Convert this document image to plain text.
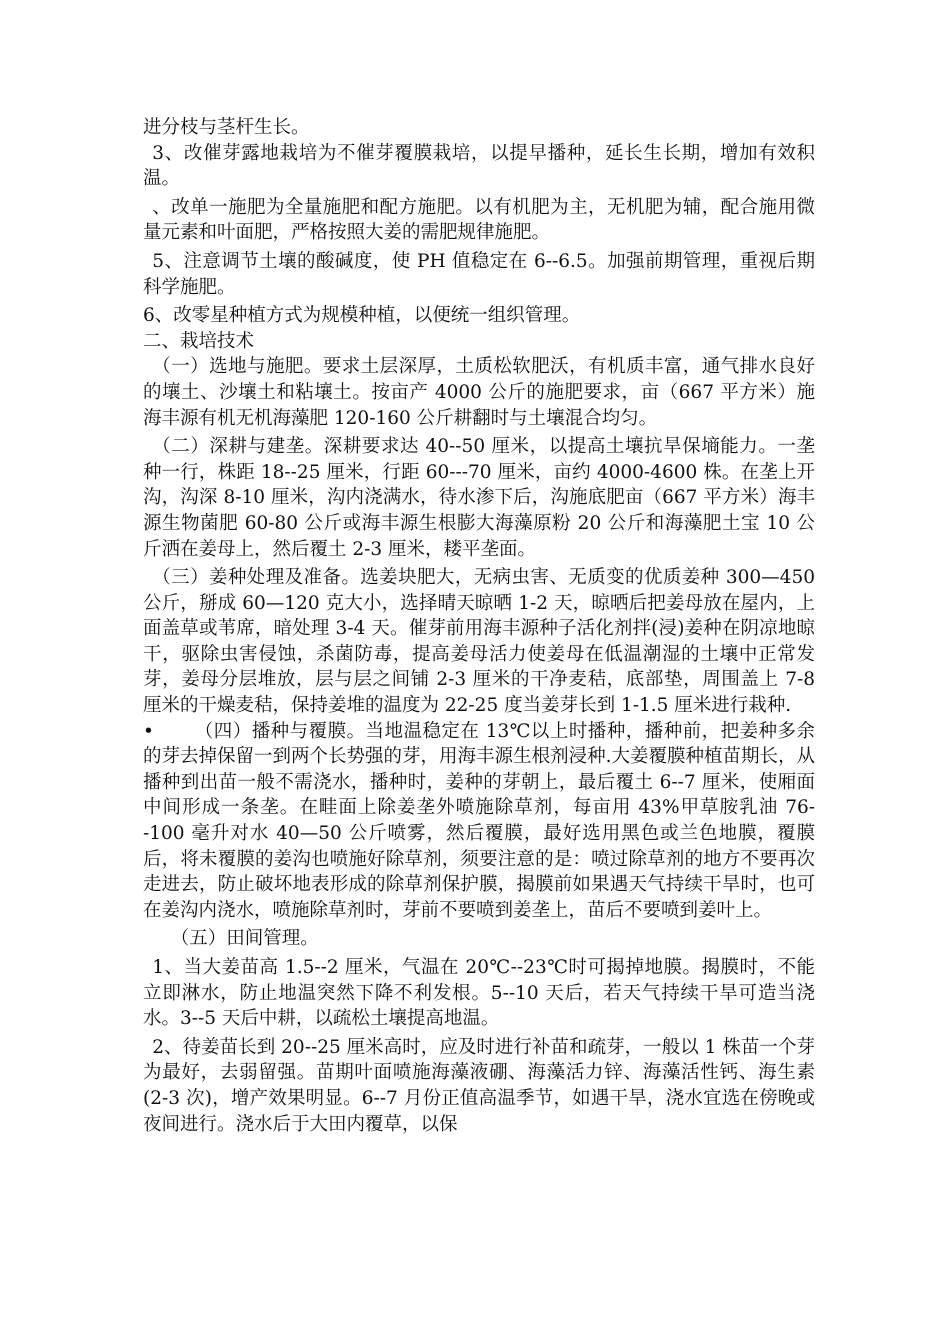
进分枝与茎杆生长。

3、改催芽露地栽培为不催芽覆膜栽培，以提早播种，延长生长期，增加有效积温。

、改单一施肥为全量施肥和配方施肥。以有机肥为主，无机肥为辅，配合施用微量元素和叶面肥，严格按照大姜的需肥规律施肥。

5、注意调节土壤的酸碱度，使 PH 值稳定在 6--6.5。加强前期管理，重视后期科学施肥。

6、改零星种植方式为规模种植，以便统一组织管理。

二、栽培技术

（一）选地与施肥。要求土层深厚，土质松软肥沃，有机质丰富，通气排水良好的壤土、沙壤土和粘壤土。按亩产 4000 公斤的施肥要求，亩（667 平方米）施海丰源有机无机海藻肥 120-160 公斤耕翻时与土壤混合均匀。

（二）深耕与建垄。深耕要求达 40--50 厘米，以提高土壤抗旱保墒能力。一垄种一行，株距 18--25 厘米，行距 60---70 厘米，亩约 4000-4600 株。在垄上开沟，沟深 8-10 厘米，沟内浇满水，待水渗下后，沟施底肥亩（667 平方米）海丰源生物菌肥 60-80 公斤或海丰源生根膨大海藻原粉 20 公斤和海藻肥土宝 10 公斤洒在姜母上，然后覆土 2-3 厘米，耧平垄面。

（三）姜种处理及准备。选姜块肥大，无病虫害、无质变的优质姜种 300—450 公斤，掰成 60—120 克大小，选择晴天晾晒 1-2 天，晾晒后把姜母放在屋内，上面盖草或苇席，暗处理 3-4 天。催芽前用海丰源种子活化剂拌(浸)姜种在阴凉地晾干，驱除虫害侵蚀，杀菌防毒，提高姜母活力使姜母在低温潮湿的土壤中正常发芽，姜母分层堆放，层与层之间铺 2-3 厘米的干净麦秸，底部垫，周围盖上 7-8 厘米的干燥麦秸，保持姜堆的温度为 22-25 度当姜芽长到 1-1.5 厘米进行栽种.

• （四）播种与覆膜。当地温稳定在 13℃以上时播种，播种前，把姜种多余的芽去掉保留一到两个长势强的芽，用海丰源生根剂浸种.大姜覆膜种植苗期长，从播种到出苗一般不需浇水，播种时，姜种的芽朝上，最后覆土 6--7 厘米，使厢面中间形成一条垄。在畦面上除姜垄外喷施除草剂，每亩用 43%甲草胺乳油 76--100 毫升对水 40—50 公斤喷雾，然后覆膜，最好选用黑色或兰色地膜，覆膜后，将未覆膜的姜沟也喷施好除草剂，须要注意的是：喷过除草剂的地方不要再次走进去，防止破坏地表形成的除草剂保护膜，揭膜前如果遇天气持续干旱时，也可在姜沟内浇水，喷施除草剂时，芽前不要喷到姜垄上，苗后不要喷到姜叶上。

（五）田间管理。

1、当大姜苗高 1.5--2 厘米，气温在 20℃--23℃时可揭掉地膜。揭膜时，不能立即淋水，防止地温突然下降不利发根。5--10 天后，若天气持续干旱可造当浇水。3--5 天后中耕，以疏松土壤提高地温。

2、待姜苗长到 20--25 厘米高时，应及时进行补苗和疏芽，一般以 1 株苗一个芽为最好，去弱留强。苗期叶面喷施海藻液硼、海藻活力锌、海藻活性钙、海生素(2-3 次)，增产效果明显。6--7 月份正值高温季节，如遇干旱，浇水宜选在傍晚或夜间进行。浇水后于大田内覆草，以保
